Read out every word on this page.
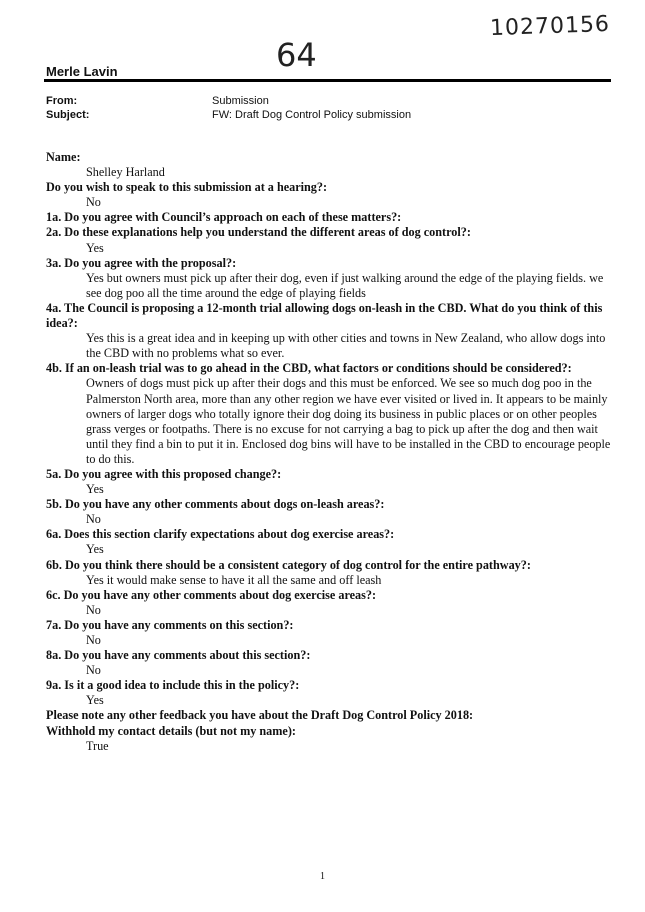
10270156
64
Merle Lavin
From:	Submission
Subject:	FW: Draft Dog Control Policy submission
Name:
Shelley Harland
Do you wish to speak to this submission at a hearing?:
No
1a. Do you agree with Council’s approach on each of these matters?:
2a. Do these explanations help you understand the different areas of dog control?:
Yes
3a. Do you agree with the proposal?:
Yes but owners must pick up after their dog, even if just walking around the edge of the playing fields. we see dog poo all the time around the edge of playing fields
4a. The Council is proposing a 12-month trial allowing dogs on-leash in the CBD. What do you think of this idea?:
Yes this is a great idea and in keeping up with other cities and towns in New Zealand, who allow dogs into the CBD with no problems what so ever.
4b. If an on-leash trial was to go ahead in the CBD, what factors or conditions should be considered?:
Owners of dogs must pick up after their dogs and this must be enforced. We see so much dog poo in the Palmerston North area, more than any other region we have ever visited or lived in. It appears to be mainly owners of larger dogs who totally ignore their dog doing its business in public places or on other peoples grass verges or footpaths. There is no excuse for not carrying a bag to pick up after the dog and then wait until they find a bin to put it in. Enclosed dog bins will have to be installed in the CBD to encourage people to do this.
5a. Do you agree with this proposed change?:
Yes
5b. Do you have any other comments about dogs on-leash areas?:
No
6a. Does this section clarify expectations about dog exercise areas?:
Yes
6b. Do you think there should be a consistent category of dog control for the entire pathway?:
Yes it would make sense to have it all the same and off leash
6c. Do you have any other comments about dog exercise areas?:
No
7a. Do you have any comments on this section?:
No
8a. Do you have any comments about this section?:
No
9a. Is it a good idea to include this in the policy?:
Yes
Please note any other feedback you have about the Draft Dog Control Policy 2018:
Withhold my contact details (but not my name):
True
1
